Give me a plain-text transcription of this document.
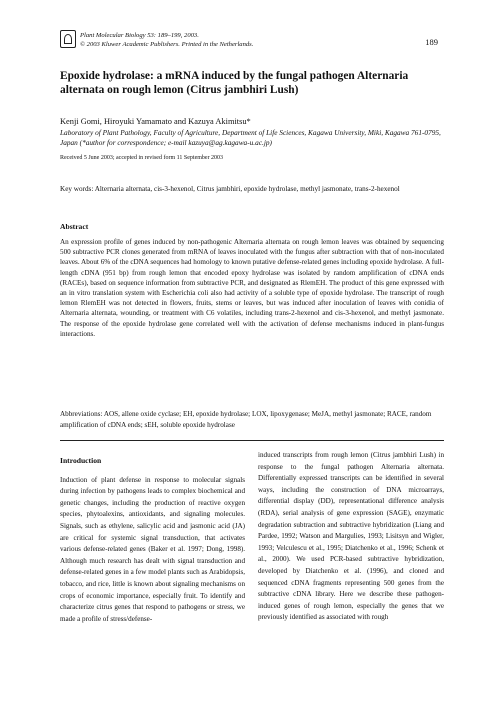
Plant Molecular Biology 53: 189–199, 2003.
© 2003 Kluwer Academic Publishers. Printed in the Netherlands.	189
Epoxide hydrolase: a mRNA induced by the fungal pathogen Alternaria alternata on rough lemon (Citrus jambhiri Lush)
Kenji Gomi, Hiroyuki Yamamato and Kazuya Akimitsu*
Laboratory of Plant Pathology, Faculty of Agriculture, Department of Life Sciences, Kagawa University, Miki, Kagawa 761-0795, Japan (*author for correspondence; e-mail kazuya@ag.kagawa-u.ac.jp)
Received 5 June 2003; accepted in revised form 11 September 2003
Key words: Alternaria alternata, cis-3-hexenol, Citrus jambhiri, epoxide hydrolase, methyl jasmonate, trans-2-hexenol
Abstract

An expression profile of genes induced by non-pathogenic Alternaria alternata on rough lemon leaves was obtained by sequencing 500 subtractive PCR clones generated from mRNA of leaves inoculated with the fungus after subtraction with that of non-inoculated leaves. About 6% of the cDNA sequences had homology to known putative defense-related genes including epoxide hydrolase. A full-length cDNA (951 bp) from rough lemon that encoded epoxy hydrolase was isolated by random amplification of cDNA ends (RACEs), based on sequence information from subtractive PCR, and designated as RlemEH. The product of this gene expressed with an in vitro translation system with Escherichia coli also had activity of a soluble type of epoxide hydrolase. The transcript of rough lemon RlemEH was not detected in flowers, fruits, stems or leaves, but was induced after inoculation of leaves with conidia of Alternaria alternata, wounding, or treatment with C6 volatiles, including trans-2-hexenol and cis-3-hexenol, and methyl jasmonate. The response of the epoxide hydrolase gene correlated well with the activation of defense mechanisms induced in plant-fungus interactions.

Abbreviations: AOS, allene oxide cyclase; EH, epoxide hydrolase; LOX, lipoxygenase; MeJA, methyl jasmonate; RACE, random amplification of cDNA ends; sEH, soluble epoxide hydrolase

Introduction

Induction of plant defense in response to molecular signals during infection by pathogens leads to complex biochemical and genetic changes, including the production of reactive oxygen species, phytoalexins, antioxidants, and signaling molecules. Signals, such as ethylene, salicylic acid and jasmonic acid (JA) are critical for systemic signal transduction, that activates various defense-related genes (Baker et al. 1997; Dong, 1998). Although much research has dealt with signal transduction and defense-related genes in a few model plants such as Arabidopsis, tobacco, and rice, little is known about signaling mechanisms on crops of economic importance, especially fruit. To identify and characterize citrus genes that respond to pathogens or stress, we made a profile of stress/defense-

induced transcripts from rough lemon (Citrus jambhiri Lush) in response to the fungal pathogen Alternaria alternata. Differentially expressed transcripts can be identified in several ways, including the construction of DNA microarrays, differential display (DD), representational difference analysis (RDA), serial analysis of gene expression (SAGE), enzymatic degradation subtraction and subtractive hybridization (Liang and Pardee, 1992; Watson and Margulies, 1993; Lisitsyn and Wigler, 1993; Velculescu et al., 1995; Diatchenko et al., 1996; Schenk et al., 2000). We used PCR-based subtractive hybridization, developed by Diatchenko et al. (1996), and cloned and sequenced cDNA fragments representing 500 genes from the subtractive cDNA library. Here we describe these pathogen-induced genes of rough lemon, especially the genes that we previously identified as associated with rough
